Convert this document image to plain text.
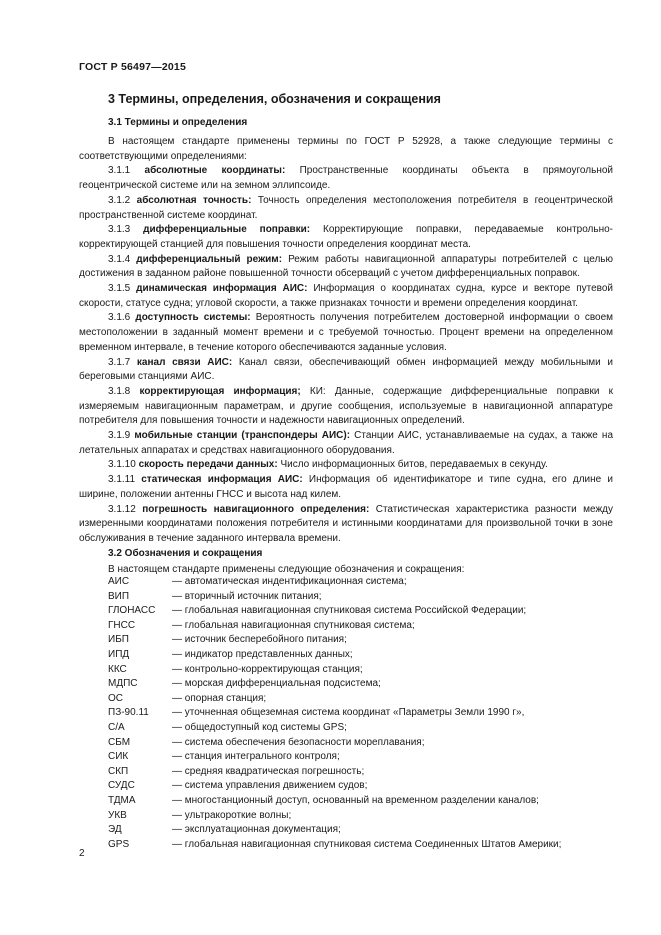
ГОСТ Р 56497—2015
3 Термины, определения, обозначения и сокращения
3.1 Термины и определения

В настоящем стандарте применены термины по ГОСТ Р 52928, а также следующие термины с соответствующими определениями:

3.1.1 абсолютные координаты: Пространственные координаты объекта в прямоугольной геоцентрической системе или на земном эллипсоиде.

3.1.2 абсолютная точность: Точность определения местоположения потребителя в геоцентрической пространственной системе координат.

3.1.3 дифференциальные поправки: Корректирующие поправки, передаваемые контрольно-корректирующей станцией для повышения точности определения координат места.

3.1.4 дифференциальный режим: Режим работы навигационной аппаратуры потребителей с целью достижения в заданном районе повышенной точности обсерваций с учетом дифференциальных поправок.

3.1.5 динамическая информация АИС: Информация о координатах судна, курсе и векторе путевой скорости, статусе судна; угловой скорости, а также признаках точности и времени определения координат.

3.1.6 доступность системы: Вероятность получения потребителем достоверной информации о своем местоположении в заданный момент времени и с требуемой точностью. Процент времени на определенном временном интервале, в течение которого обеспечиваются заданные условия.

3.1.7 канал связи АИС: Канал связи, обеспечивающий обмен информацией между мобильными и береговыми станциями АИС.

3.1.8 корректирующая информация; КИ: Данные, содержащие дифференциальные поправки к измеряемым навигационным параметрам, и другие сообщения, используемые в навигационной аппаратуре потребителя для повышения точности и надежности навигационных определений.

3.1.9 мобильные станции (транспондеры АИС): Станции АИС, устанавливаемые на судах, а также на летательных аппаратах и средствах навигационного оборудования.

3.1.10 скорость передачи данных: Число информационных битов, передаваемых в секунду.

3.1.11 статическая информация АИС: Информация об идентификаторе и типе судна, его длине и ширине, положении антенны ГНСС и высота над килем.

3.1.12 погрешность навигационного определения: Статистическая характеристика разности между измеренными координатами положения потребителя и истинными координатами для произвольной точки в зоне обслуживания в течение заданного интервала времени.

3.2 Обозначения и сокращения
В настоящем стандарте применены следующие обозначения и сокращения:
АИС	— автоматическая индентификационная система;
ВИП	— вторичный источник питания;
ГЛОНАСС	— глобальная навигационная спутниковая система Российской Федерации;
ГНСС	— глобальная навигационная спутниковая система;
ИБП	— источник бесперебойного питания;
ИПД	— индикатор представленных данных;
ККС	— контрольно-корректирующая станция;
МДПС	— морская дифференциальная подсистема;
ОС	— опорная станция;
ПЗ-90.11	— уточненная общеземная система координат «Параметры Земли 1990 г»,
С/А	— общедоступный код системы GPS;
СБМ	— система обеспечения безопасности мореплавания;
СИК	— станция интегрального контроля;
СКП	— средняя квадратическая погрешность;
СУДС	— система управления движением судов;
ТДМА	— многостанционный доступ, основанный на временном разделении каналов;
УКВ	— ультракороткие волны;
ЭД	— эксплуатационная документация;
GPS	— глобальная навигационная спутниковая система Соединенных Штатов Америки;
2
